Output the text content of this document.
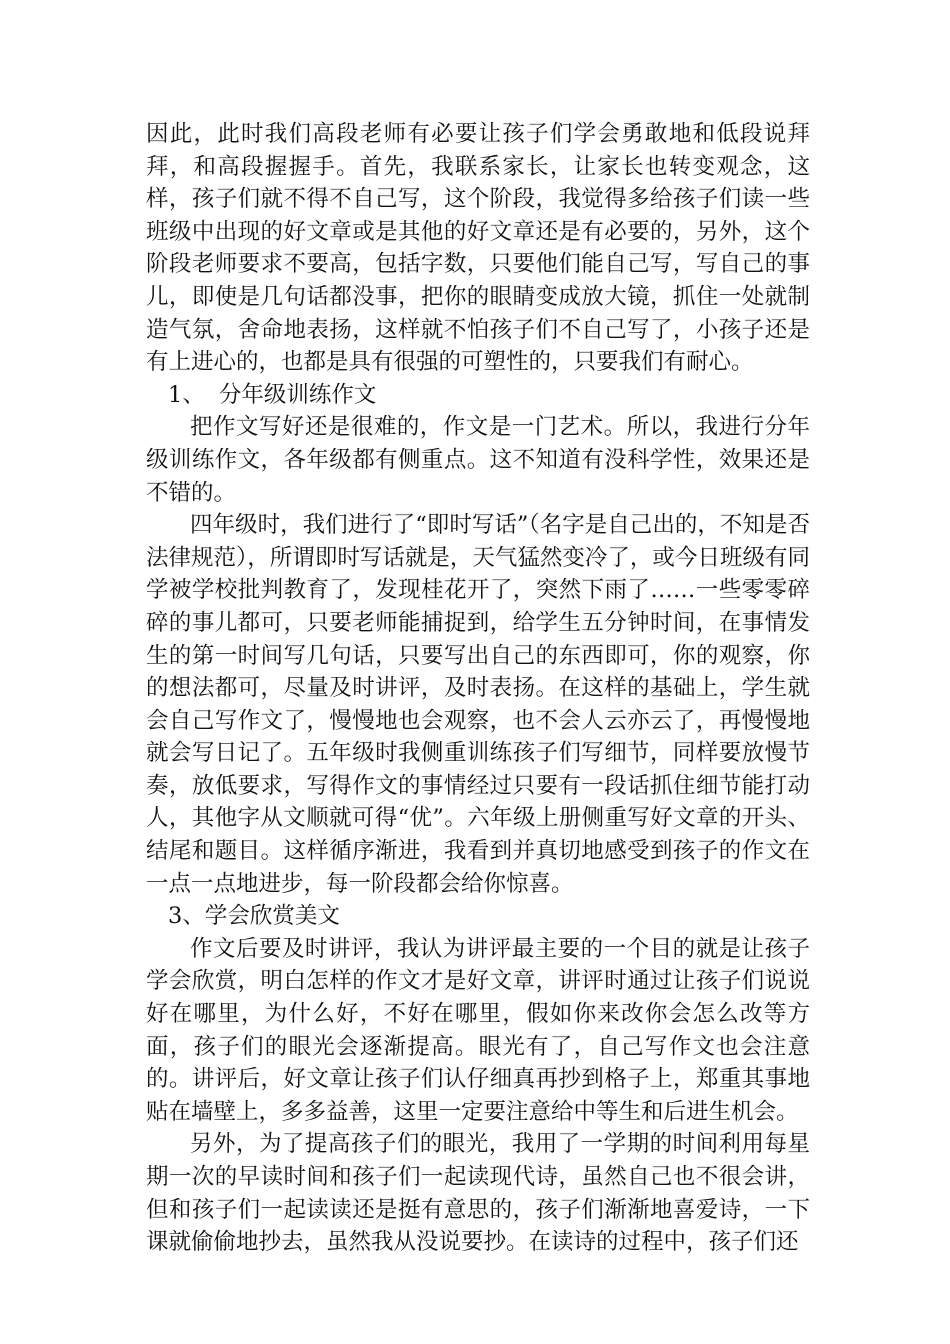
因此，此时我们高段老师有必要让孩子们学会勇敢地和低段说拜拜，和高段握握手。首先，我联系家长，让家长也转变观念，这样，孩子们就不得不自己写，这个阶段，我觉得多给孩子们读一些班级中出现的好文章或是其他的好文章还是有必要的，另外，这个阶段老师要求不要高，包括字数，只要他们能自己写，写自己的事儿，即使是几句话都没事，把你的眼睛变成放大镜，抓住一处就制造气氛，舍命地表扬，这样就不怕孩子们不自己写了，小孩子还是有上进心的，也都是具有很强的可塑性的，只要我们有耐心。

1、 分年级训练作文

把作文写好还是很难的，作文是一门艺术。所以，我进行分年级训练作文，各年级都有侧重点。这不知道有没科学性，效果还是不错的。

四年级时，我们进行了“即时写话”（名字是自己出的，不知是否法律规范），所谓即时写话就是，天气猛然变冷了，或今日班级有同学被学校批判教育了，发现桂花开了，突然下雨了……一些零零碎碎的事儿都可，只要老师能捕捉到，给学生五分钟时间，在事情发生的第一时间写几句话，只要写出自己的东西即可，你的观察，你的想法都可，尽量及时讲评，及时表扬。在这样的基础上，学生就会自己写作文了，慢慢地也会观察，也不会人云亦云了，再慢慢地就会写日记了。五年级时我侧重训练孩子们写细节，同样要放慢节奏，放低要求，写得作文的事情经过只要有一段话抓住细节能打动人，其他字从文顺就可得“优”。六年级上册侧重写好文章的开头、结尾和题目。这样循序渐进，我看到并真切地感受到孩子的作文在一点一点地进步，每一阶段都会给你惊喜。

3、学会欣赏美文

作文后要及时讲评，我认为讲评最主要的一个目的就是让孩子学会欣赏，明白怎样的作文才是好文章，讲评时通过让孩子们说说好在哪里，为什么好，不好在哪里，假如你来改你会怎么改等方面，孩子们的眼光会逐渐提高。眼光有了，自己写作文也会注意的。讲评后，好文章让孩子们认仔细真再抄到格子上，郑重其事地贴在墙壁上，多多益善，这里一定要注意给中等生和后进生机会。

另外，为了提高孩子们的眼光，我用了一学期的时间利用每星期一次的早读时间和孩子们一起读现代诗，虽然自己也不很会讲，但和孩子们一起读读还是挺有意思的，孩子们渐渐地喜爱诗，一下课就偷偷地抄去，虽然我从没说要抄。在读诗的过程中，孩子们还
